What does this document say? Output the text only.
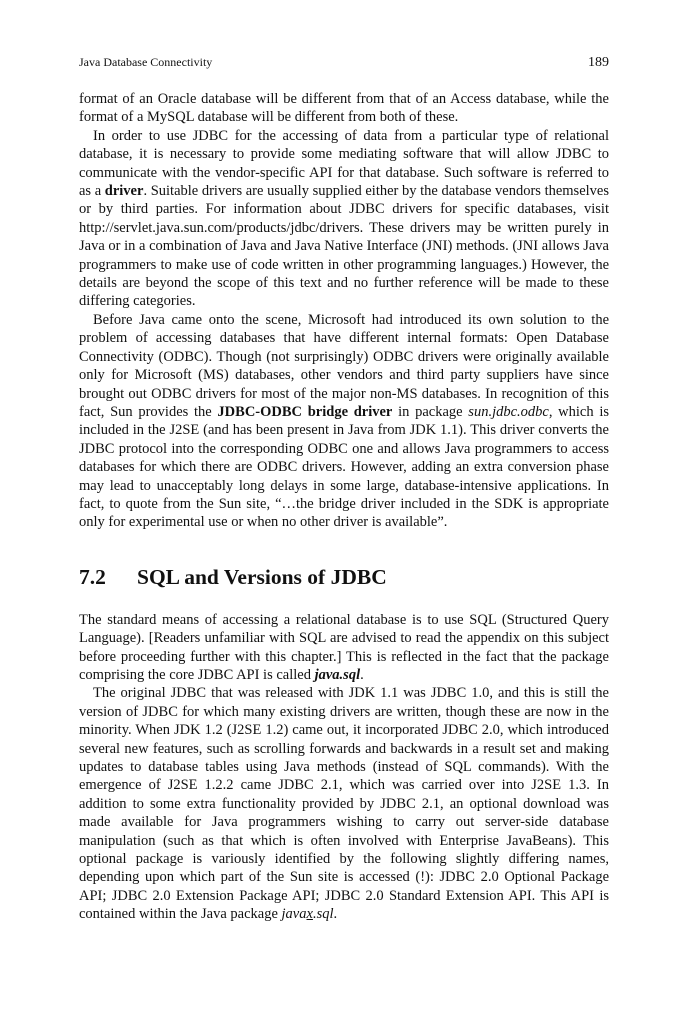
Java Database Connectivity	189

format of an Oracle database will be different from that of an Access database, while the format of a MySQL database will be different from both of these.

In order to use JDBC for the accessing of data from a particular type of relational database, it is necessary to provide some mediating software that will allow JDBC to communicate with the vendor-specific API for that database. Such software is referred to as a driver. Suitable drivers are usually supplied either by the database vendors themselves or by third parties. For information about JDBC drivers for specific databases, visit http://servlet.java.sun.com/products/jdbc/drivers. These drivers may be written purely in Java or in a combination of Java and Java Native Interface (JNI) methods. (JNI allows Java programmers to make use of code written in other programming languages.) However, the details are beyond the scope of this text and no further reference will be made to these differing categories.

Before Java came onto the scene, Microsoft had introduced its own solution to the problem of accessing databases that have different internal formats: Open Database Connectivity (ODBC). Though (not surprisingly) ODBC drivers were originally available only for Microsoft (MS) databases, other vendors and third party suppliers have since brought out ODBC drivers for most of the major non-MS databases. In recognition of this fact, Sun provides the JDBC-ODBC bridge driver in package sun.jdbc.odbc, which is included in the J2SE (and has been present in Java from JDK 1.1). This driver converts the JDBC protocol into the corresponding ODBC one and allows Java programmers to access databases for which there are ODBC drivers. However, adding an extra conversion phase may lead to unacceptably long delays in some large, database-intensive applications. In fact, to quote from the Sun site, “…the bridge driver included in the SDK is appropriate only for experimental use or when no other driver is available”.

7.2	SQL and Versions of JDBC

The standard means of accessing a relational database is to use SQL (Structured Query Language). [Readers unfamiliar with SQL are advised to read the appendix on this subject before proceeding further with this chapter.] This is reflected in the fact that the package comprising the core JDBC API is called java.sql.

The original JDBC that was released with JDK 1.1 was JDBC 1.0, and this is still the version of JDBC for which many existing drivers are written, though these are now in the minority. When JDK 1.2 (J2SE 1.2) came out, it incorporated JDBC 2.0, which introduced several new features, such as scrolling forwards and backwards in a result set and making updates to database tables using Java methods (instead of SQL commands). With the emergence of J2SE 1.2.2 came JDBC 2.1, which was carried over into J2SE 1.3. In addition to some extra functionality provided by JDBC 2.1, an optional download was made available for Java programmers wishing to carry out server-side database manipulation (such as that which is often involved with Enterprise JavaBeans). This optional package is variously identified by the following slightly differing names, depending upon which part of the Sun site is accessed (!): JDBC 2.0 Optional Package API; JDBC 2.0 Extension Package API; JDBC 2.0 Standard Extension API. This API is contained within the Java package javax.sql.
